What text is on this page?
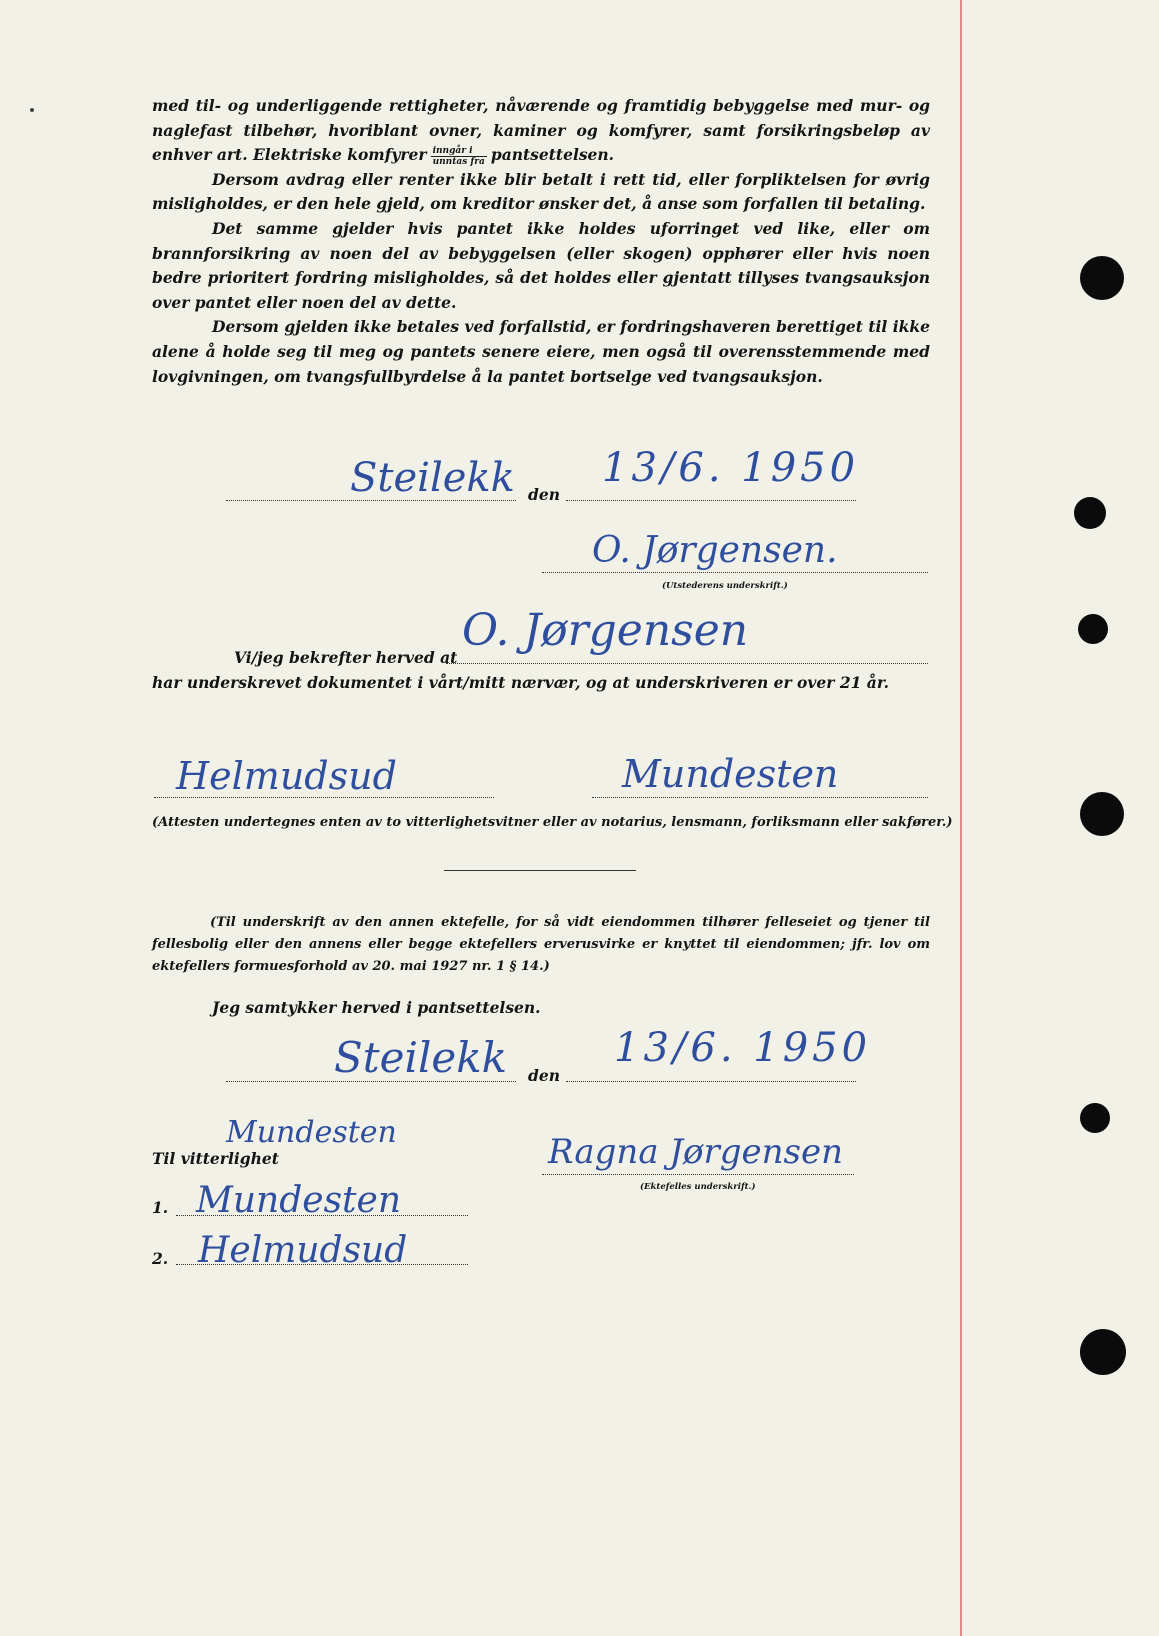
med til- og underliggende rettigheter, nåværende og framtidig bebyggelse med mur- og naglefast tilbehør, hvoriblant ovner, kaminer og komfyrer, samt forsikringsbeløp av enhver art. Elektriske komfyrer $\frac{\text{inngår i}}{\text{unntas fra}}$ pantsettelsen.

Dersom avdrag eller renter ikke blir betalt i rett tid, eller forpliktelsen for øvrig misligholdes, er den hele gjeld, om kreditor ønsker det, å anse som forfallen til betaling.

Det samme gjelder hvis pantet ikke holdes uforringet ved like, eller om brannforsikring av noen del av bebyggelsen (eller skogen) opphører eller hvis noen bedre prioritert fordring misligholdes, så det holdes eller gjentatt tillyses tvangsauksjon over pantet eller noen del av dette.

Dersom gjelden ikke betales ved forfallstid, er fordringshaveren berettiget til ikke alene å holde seg til meg og pantets senere eiere, men også til overensstemmende med lovgivningen, om tvangsfullbyrdelse å la pantet bortselge ved tvangsauksjon.

Steilekk den
13/6. 1950
O. Jørgensen.
(Utstederens underskrift.)
O. Jørgensen
Vi/jeg bekrefter herved at
har underskrevet dokumentet i vårt/mitt nærvær, og at underskriveren er over 21 år.
Helmudsud	Mundesten
(Attesten undertegnes enten av to vitterlighetsvitner eller av notarius, lensmann, forliksmann eller sakfører.)
(Til underskrift av den annen ektefelle, for så vidt eiendommen tilhører felleseiet og tjener til fellesbolig eller den annens eller begge ektefellers erverusvirke er knyttet til eiendommen; jfr. lov om ektefellers formuesforhold av 20. mai 1927 nr. 1 § 14.)
Jeg samtykker herved i pantsettelsen.
Steilekk den
13/6. 1950
Mundesten
Til vitterlighet	Ragna Jørgensen
(Ektefelles underskrift.)
1. Mundesten
2. Helmudsud
